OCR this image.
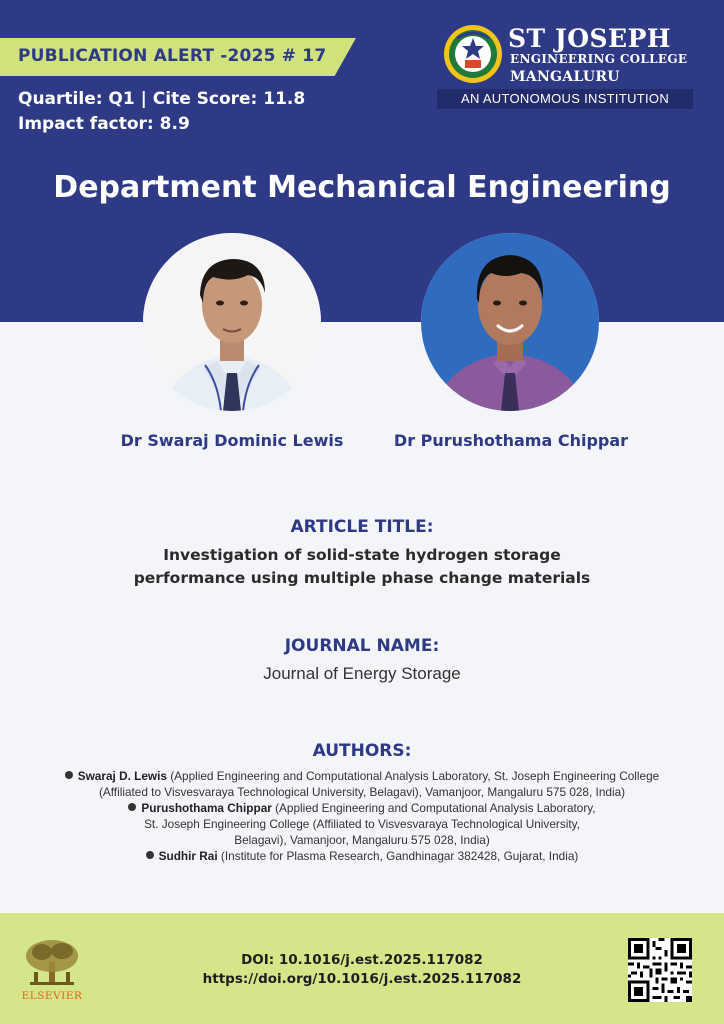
PUBLICATION ALERT -2025 # 17
Quartile: Q1 | Cite Score: 11.8
Impact factor: 8.9
ST JOSEPH
ENGINEERING COLLEGE
MANGALURU
AN AUTONOMOUS INSTITUTION
Department Mechanical Engineering
Dr Swaraj Dominic Lewis	Dr Purushothama Chippar
ARTICLE TITLE:
Investigation of solid-state hydrogen storage
performance using multiple phase change materials
JOURNAL NAME:
Journal of Energy Storage
AUTHORS:
Swaraj D. Lewis (Applied Engineering and Computational Analysis Laboratory, St. Joseph Engineering College
(Affiliated to Visvesvaraya Technological University, Belagavi), Vamanjoor, Mangaluru 575 028, India)
Purushothama Chippar (Applied Engineering and Computational Analysis Laboratory,
St. Joseph Engineering College (Affiliated to Visvesvaraya Technological University,
Belagavi), Vamanjoor, Mangaluru 575 028, India)
Sudhir Rai (Institute for Plasma Research, Gandhinagar 382428, Gujarat, India)
ELSEVIER
DOI: 10.1016/j.est.2025.117082
https://doi.org/10.1016/j.est.2025.117082
